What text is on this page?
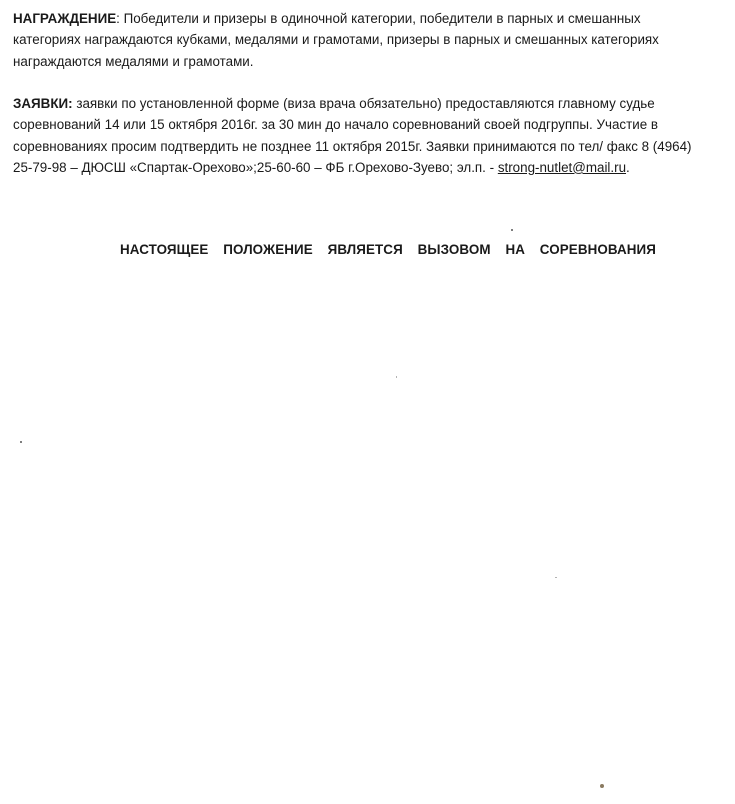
НАГРАЖДЕНИЕ: Победители и призеры в одиночной категории, победители в парных и смешанных
категориях награждаются кубками, медалями и грамотами, призеры в парных и смешанных категориях
награждаются медалями и грамотами.

ЗАЯВКИ: заявки по установленной форме (виза врача обязательно) предоставляются главному судье
соревнований 14 или 15 октября 2016г. за 30 мин до начало соревнований своей подгруппы. Участие в
соревнованиях просим подтвердить не позднее 11 октября 2015г. Заявки принимаются по тел/ факс 8 (4964)
25-79-98 – ДЮСШ «Спартак-Орехово»;25-60-60 – ФБ г.Орехово-Зуево; эл.п. - strong-nutlet@mail.ru.

НАСТОЯЩЕЕ ПОЛОЖЕНИЕ ЯВЛЯЕТСЯ ВЫЗОВОМ НА СОРЕВНОВАНИЯ
